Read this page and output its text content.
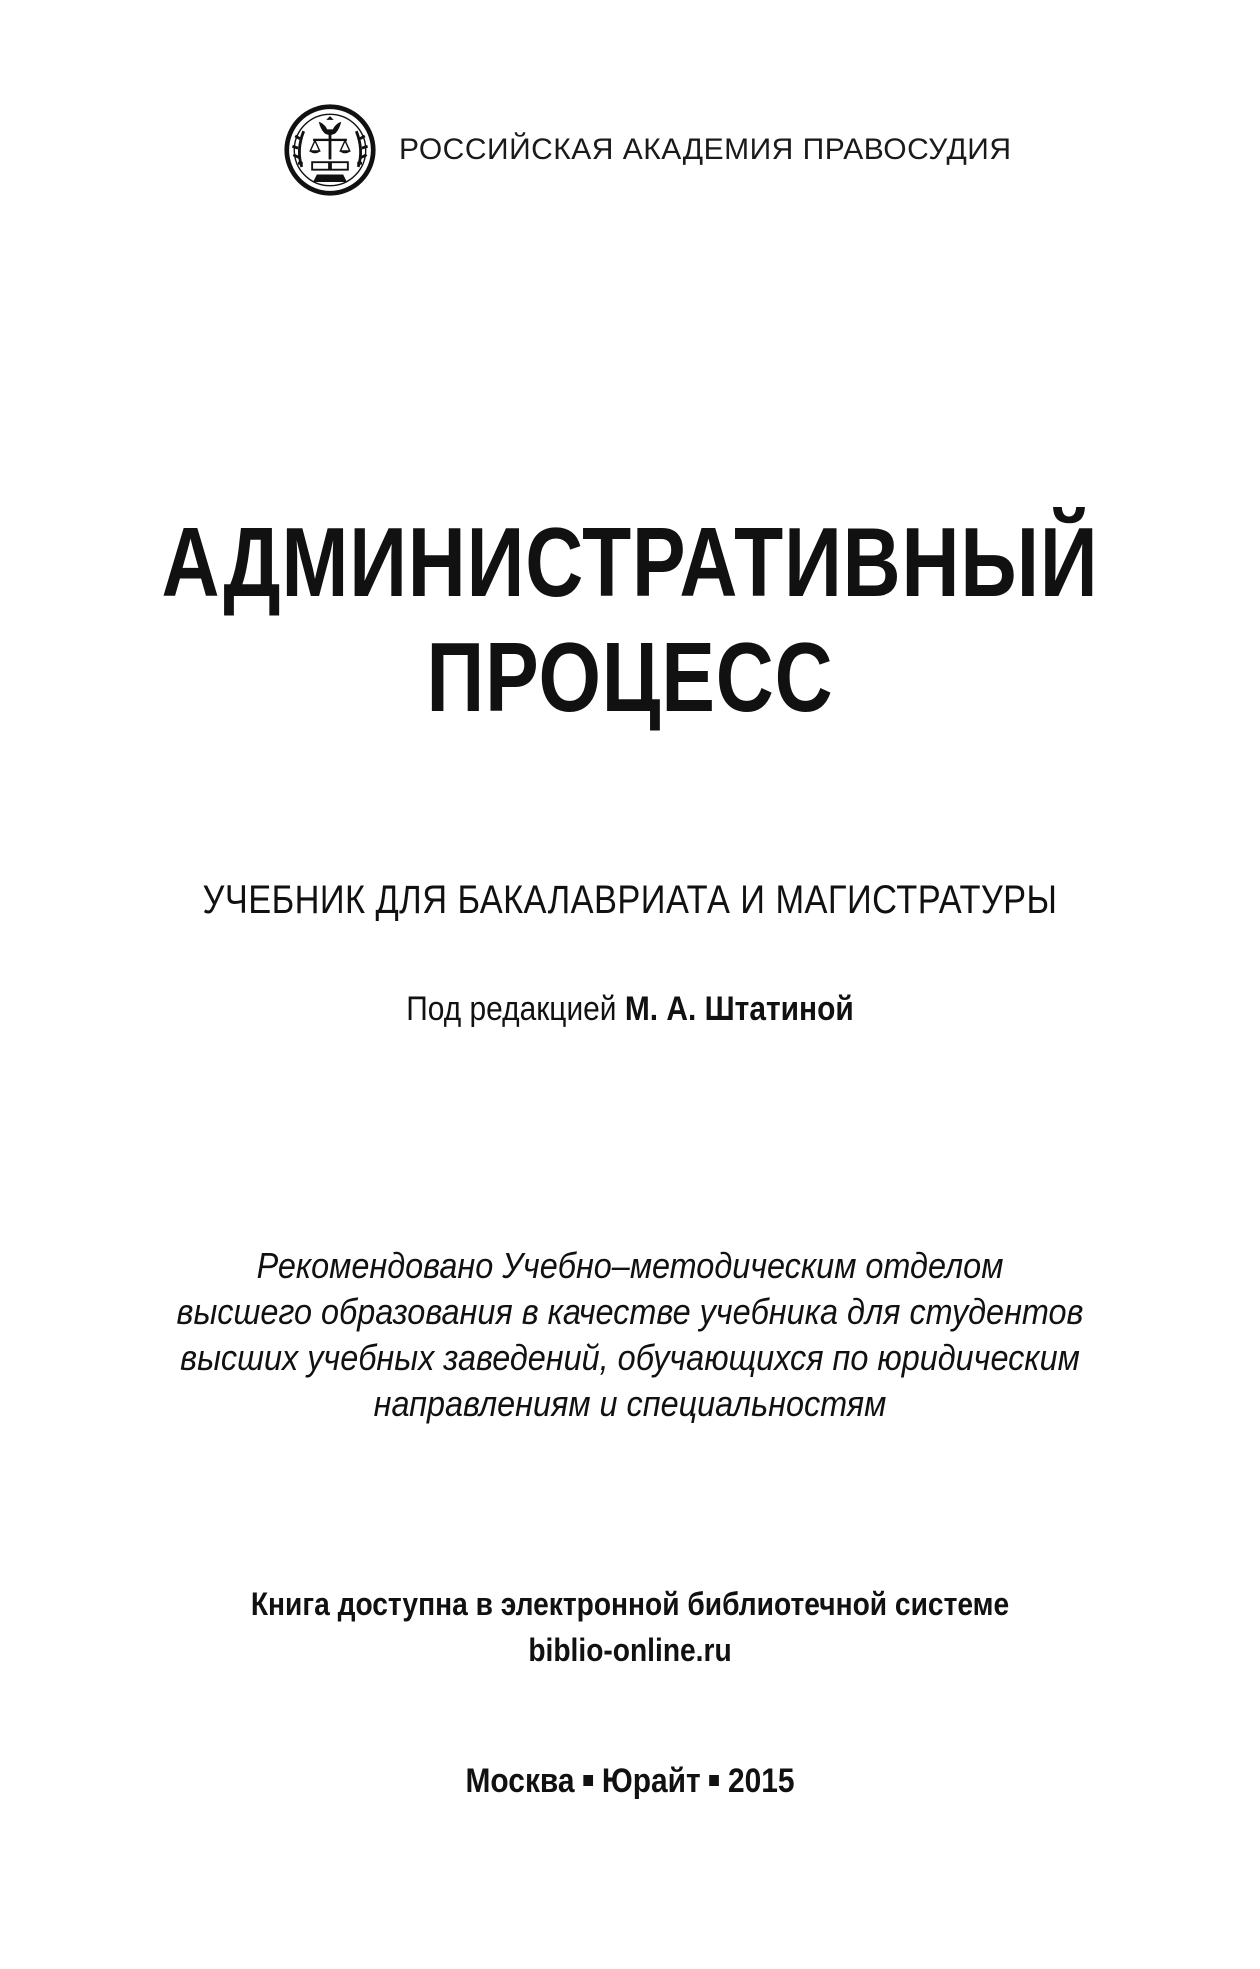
РОССИЙСКАЯ АКАДЕМИЯ ПРАВОСУДИЯ
АДМИНИСТРАТИВНЫЙ
ПРОЦЕСС
УЧЕБНИК ДЛЯ БАКАЛАВРИАТА И МАГИСТРАТУРЫ
Под редакцией М. А. Штатиной
Рекомендовано Учебно–методическим отделом
высшего образования в качестве учебника для студентов
высших учебных заведений, обучающихся по юридическим
направлениям и специальностям
Книга доступна в электронной библиотечной системе
biblio-online.ru
Москва Юрайт 2015
